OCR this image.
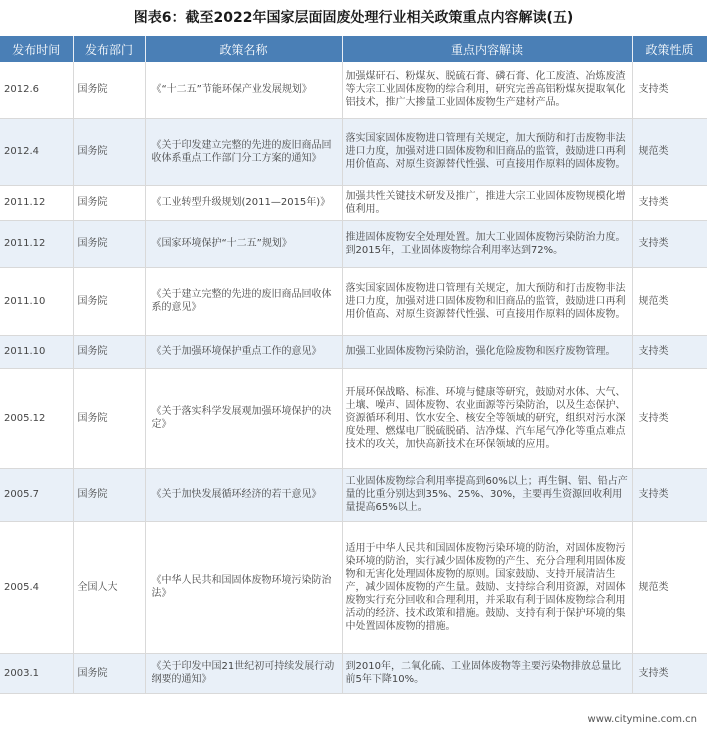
图表6：截至2022年国家层面固废处理行业相关政策重点内容解读(五)
发布时间	发布部门	政策名称	重点内容解读	政策性质
2012.6	国务院	《“十二五”节能环保产业发展规划》	加强煤矸石、粉煤灰、脱硫石膏、磷石膏、化工废渣、冶炼废渣等大宗工业固体废物的综合利用，研究完善高铝粉煤灰提取氧化铝技术，推广大掺量工业固体废物生产建材产品。	支持类
2012.4	国务院	《关于印发建立完整的先进的废旧商品回收体系重点工作部门分工方案的通知》	落实国家固体废物进口管理有关规定，加大预防和打击废物非法进口力度，加强对进口固体废物和旧商品的监管，鼓励进口再利用价值高、对原生资源替代性强、可直接用作原料的固体废物。	规范类
2011.12	国务院	《工业转型升级规划(2011—2015年)》	加强共性关键技术研发及推广，推进大宗工业固体废物规模化增值利用。	支持类
2011.12	国务院	《国家环境保护“十二五”规划》	推进固体废物安全处理处置。加大工业固体废物污染防治力度。到2015年，工业固体废物综合利用率达到72%。	支持类
2011.10	国务院	《关于建立完整的先进的废旧商品回收体系的意见》	落实国家固体废物进口管理有关规定，加大预防和打击废物非法进口力度，加强对进口固体废物和旧商品的监管，鼓励进口再利用价值高、对原生资源替代性强、可直接用作原料的固体废物。	规范类
2011.10	国务院	《关于加强环境保护重点工作的意见》	加强工业固体废物污染防治，强化危险废物和医疗废物管理。	支持类
2005.12	国务院	《关于落实科学发展观加强环境保护的决定》	开展环保战略、标准、环境与健康等研究，鼓励对水体、大气、土壤、噪声、固体废物、农业面源等污染防治，以及生态保护、资源循环利用、饮水安全、核安全等领域的研究，组织对污水深度处理、燃煤电厂脱硫脱硝、洁净煤、汽车尾气净化等重点难点技术的攻关，加快高新技术在环保领域的应用。	支持类
2005.7	国务院	《关于加快发展循环经济的若干意见》	工业固体废物综合利用率提高到60%以上；再生铜、铝、铅占产量的比重分别达到35%、25%、30%，主要再生资源回收利用量提高65%以上。	支持类
2005.4	全国人大	《中华人民共和国固体废物环境污染防治法》	适用于中华人民共和国固体废物污染环境的防治，对固体废物污染环境的防治，实行减少固体废物的产生、充分合理利用固体废物和无害化处理固体废物的原则。国家鼓励、支持开展清洁生产，减少固体废物的产生量。鼓励、支持综合利用资源，对固体废物实行充分回收和合理利用，并采取有利于固体废物综合利用活动的经济、技术政策和措施。鼓励、支持有利于保护环境的集中处置固体废物的措施。	规范类
2003.1	国务院	《关于印发中国21世纪初可持续发展行动纲要的通知》	到2010年，二氧化硫、工业固体废物等主要污染物排放总量比前5年下降10%。	支持类
www.citymine.com.cn
